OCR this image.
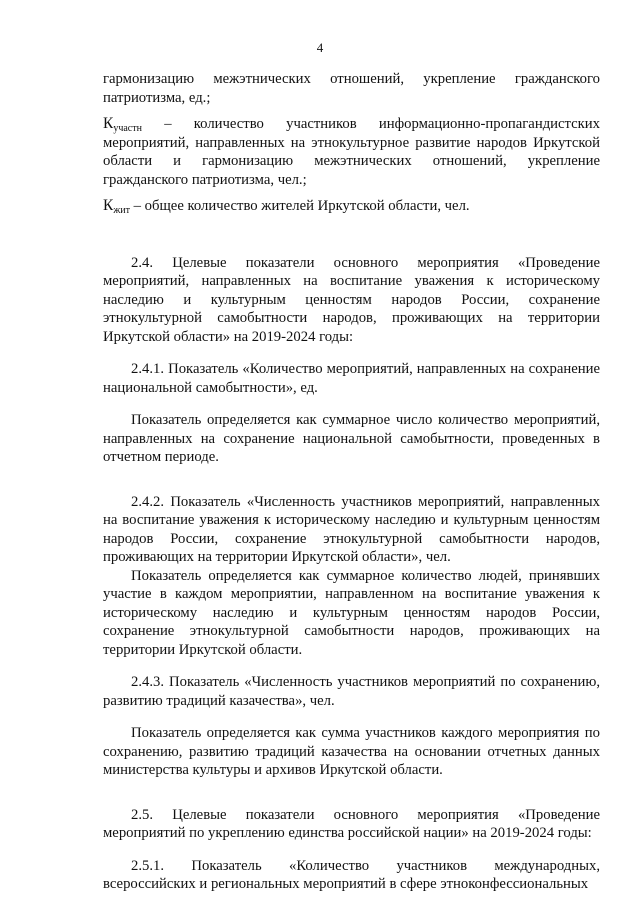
4

гармонизацию межэтнических отношений, укрепление гражданского патриотизма, ед.;

$К_{участн}$ – количество участников информационно-пропагандистских мероприятий, направленных на этнокультурное развитие народов Иркутской области и гармонизацию межэтнических отношений, укрепление гражданского патриотизма, чел.;

$К_{жит}$ – общее количество жителей Иркутской области, чел.

2.4. Целевые показатели основного мероприятия «Проведение мероприятий, направленных на воспитание уважения к историческому наследию и культурным ценностям народов России, сохранение этнокультурной самобытности народов, проживающих на территории Иркутской области» на 2019-2024 годы:

2.4.1. Показатель «Количество мероприятий, направленных на сохранение национальной самобытности», ед.

Показатель определяется как суммарное число количество мероприятий, направленных на сохранение национальной самобытности, проведенных в отчетном периоде.

2.4.2. Показатель «Численность участников мероприятий, направленных на воспитание уважения к историческому наследию и культурным ценностям народов России, сохранение этнокультурной самобытности народов, проживающих на территории Иркутской области», чел.

Показатель определяется как суммарное количество людей, принявших участие в каждом мероприятии, направленном на воспитание уважения к историческому наследию и культурным ценностям народов России, сохранение этнокультурной самобытности народов, проживающих на территории Иркутской области.

2.4.3. Показатель «Численность участников мероприятий по сохранению, развитию традиций казачества», чел.

Показатель определяется как сумма участников каждого мероприятия по сохранению, развитию традиций казачества на основании отчетных данных министерства культуры и архивов Иркутской области.

2.5. Целевые показатели основного мероприятия «Проведение мероприятий по укреплению единства российской нации» на 2019-2024 годы:

2.5.1. Показатель «Количество участников международных, всероссийских и региональных мероприятий в сфере этноконфессиональных
